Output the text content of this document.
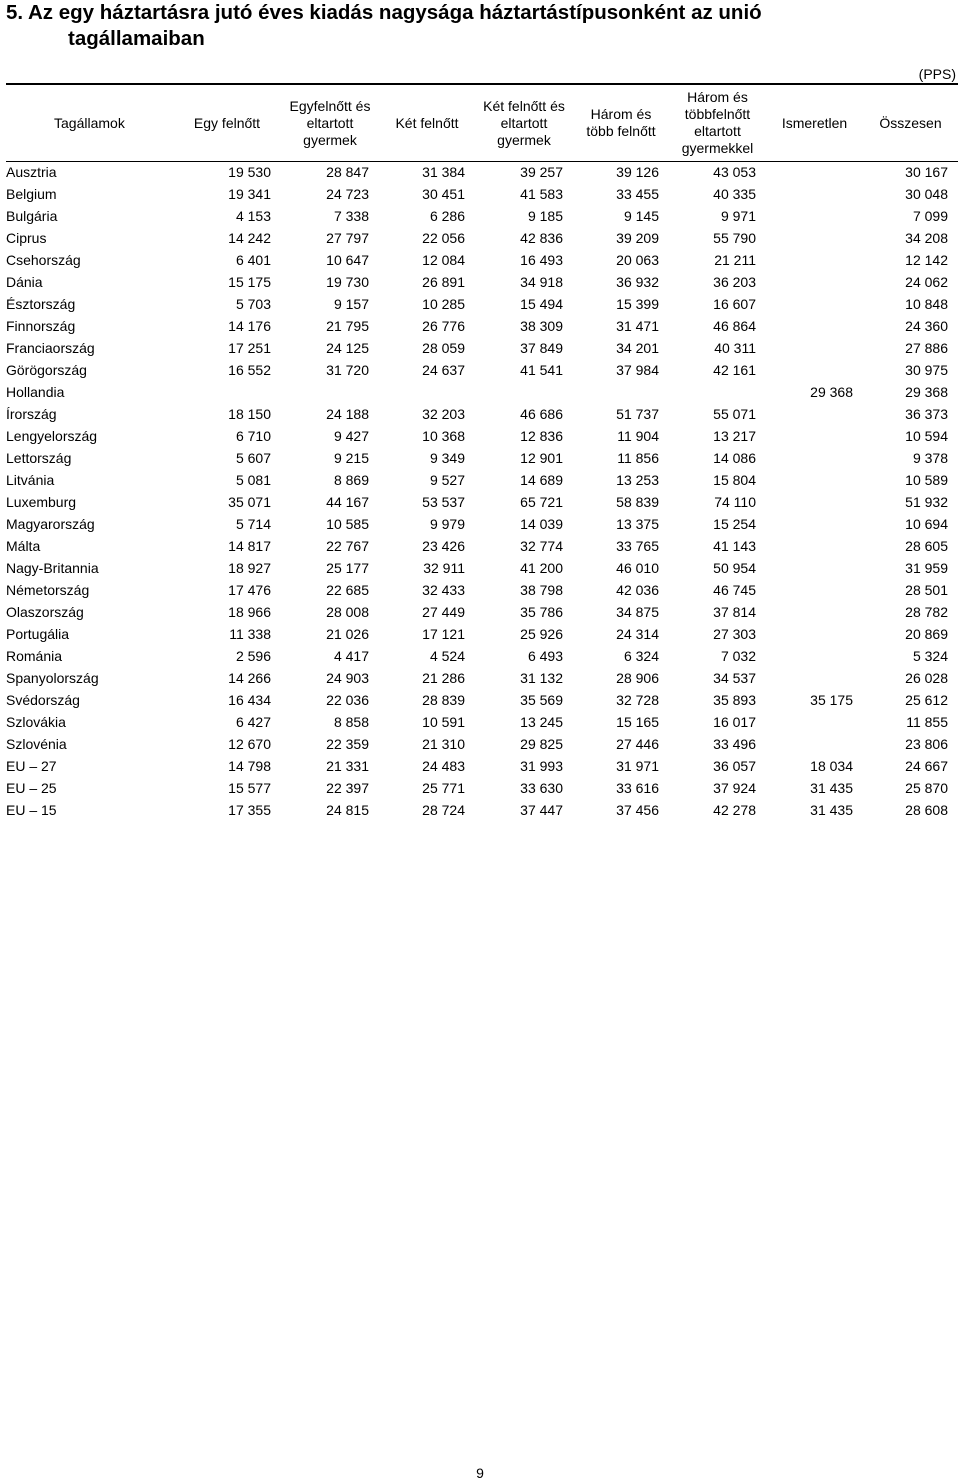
5. Az egy háztartásra jutó éves kiadás nagysága háztartástípusonként az unió
tagállamaiban
(PPS)
Tagállamok	Egy felnőtt	Egyfelnőtt és eltartott gyermek	Két felnőtt	Két felnőtt és eltartott gyermek	Három és több felnőtt	Három és többfelnőtt eltartott gyermekkel	Ismeretlen	Összesen
Ausztria	19 530	28 847	31 384	39 257	39 126	43 053		30 167
Belgium	19 341	24 723	30 451	41 583	33 455	40 335		30 048
Bulgária	4 153	7 338	6 286	9 185	9 145	9 971		7 099
Ciprus	14 242	27 797	22 056	42 836	39 209	55 790		34 208
Csehország	6 401	10 647	12 084	16 493	20 063	21 211		12 142
Dánia	15 175	19 730	26 891	34 918	36 932	36 203		24 062
Észtország	5 703	9 157	10 285	15 494	15 399	16 607		10 848
Finnország	14 176	21 795	26 776	38 309	31 471	46 864		24 360
Franciaország	17 251	24 125	28 059	37 849	34 201	40 311		27 886
Görögország	16 552	31 720	24 637	41 541	37 984	42 161		30 975
Hollandia							29 368	29 368
Írország	18 150	24 188	32 203	46 686	51 737	55 071		36 373
Lengyelország	6 710	9 427	10 368	12 836	11 904	13 217		10 594
Lettország	5 607	9 215	9 349	12 901	11 856	14 086		9 378
Litvánia	5 081	8 869	9 527	14 689	13 253	15 804		10 589
Luxemburg	35 071	44 167	53 537	65 721	58 839	74 110		51 932
Magyarország	5 714	10 585	9 979	14 039	13 375	15 254		10 694
Málta	14 817	22 767	23 426	32 774	33 765	41 143		28 605
Nagy-Britannia	18 927	25 177	32 911	41 200	46 010	50 954		31 959
Németország	17 476	22 685	32 433	38 798	42 036	46 745		28 501
Olaszország	18 966	28 008	27 449	35 786	34 875	37 814		28 782
Portugália	11 338	21 026	17 121	25 926	24 314	27 303		20 869
Románia	2 596	4 417	4 524	6 493	6 324	7 032		5 324
Spanyolország	14 266	24 903	21 286	31 132	28 906	34 537		26 028
Svédország	16 434	22 036	28 839	35 569	32 728	35 893	35 175	25 612
Szlovákia	6 427	8 858	10 591	13 245	15 165	16 017		11 855
Szlovénia	12 670	22 359	21 310	29 825	27 446	33 496		23 806
EU – 27	14 798	21 331	24 483	31 993	31 971	36 057	18 034	24 667
EU – 25	15 577	22 397	25 771	33 630	33 616	37 924	31 435	25 870
EU – 15	17 355	24 815	28 724	37 447	37 456	42 278	31 435	28 608
9
